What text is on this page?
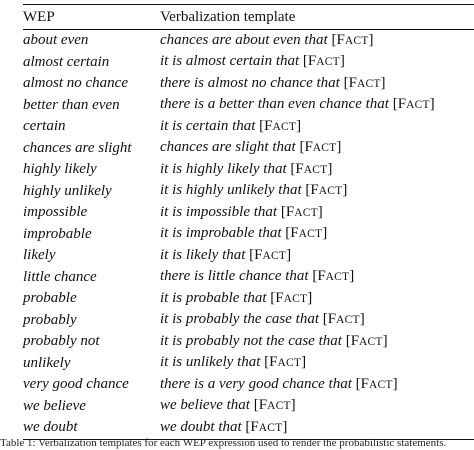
WEP	Verbalization template
about even	chances are about even that [FACT]
almost certain	it is almost certain that [FACT]
almost no chance	there is almost no chance that [FACT]
better than even	there is a better than even chance that [FACT]
certain	it is certain that [FACT]
chances are slight	chances are slight that [FACT]
highly likely	it is highly likely that [FACT]
highly unlikely	it is highly unlikely that [FACT]
impossible	it is impossible that [FACT]
improbable	it is improbable that [FACT]
likely	it is likely that [FACT]
little chance	there is little chance that [FACT]
probable	it is probable that [FACT]
probably	it is probably the case that [FACT]
probably not	it is probably not the case that [FACT]
unlikely	it is unlikely that [FACT]
very good chance	there is a very good chance that [FACT]
we believe	we believe that [FACT]
we doubt	we doubt that [FACT]
Table 1: Verbalization templates for each WEP expression used to render the probabilistic statements.
